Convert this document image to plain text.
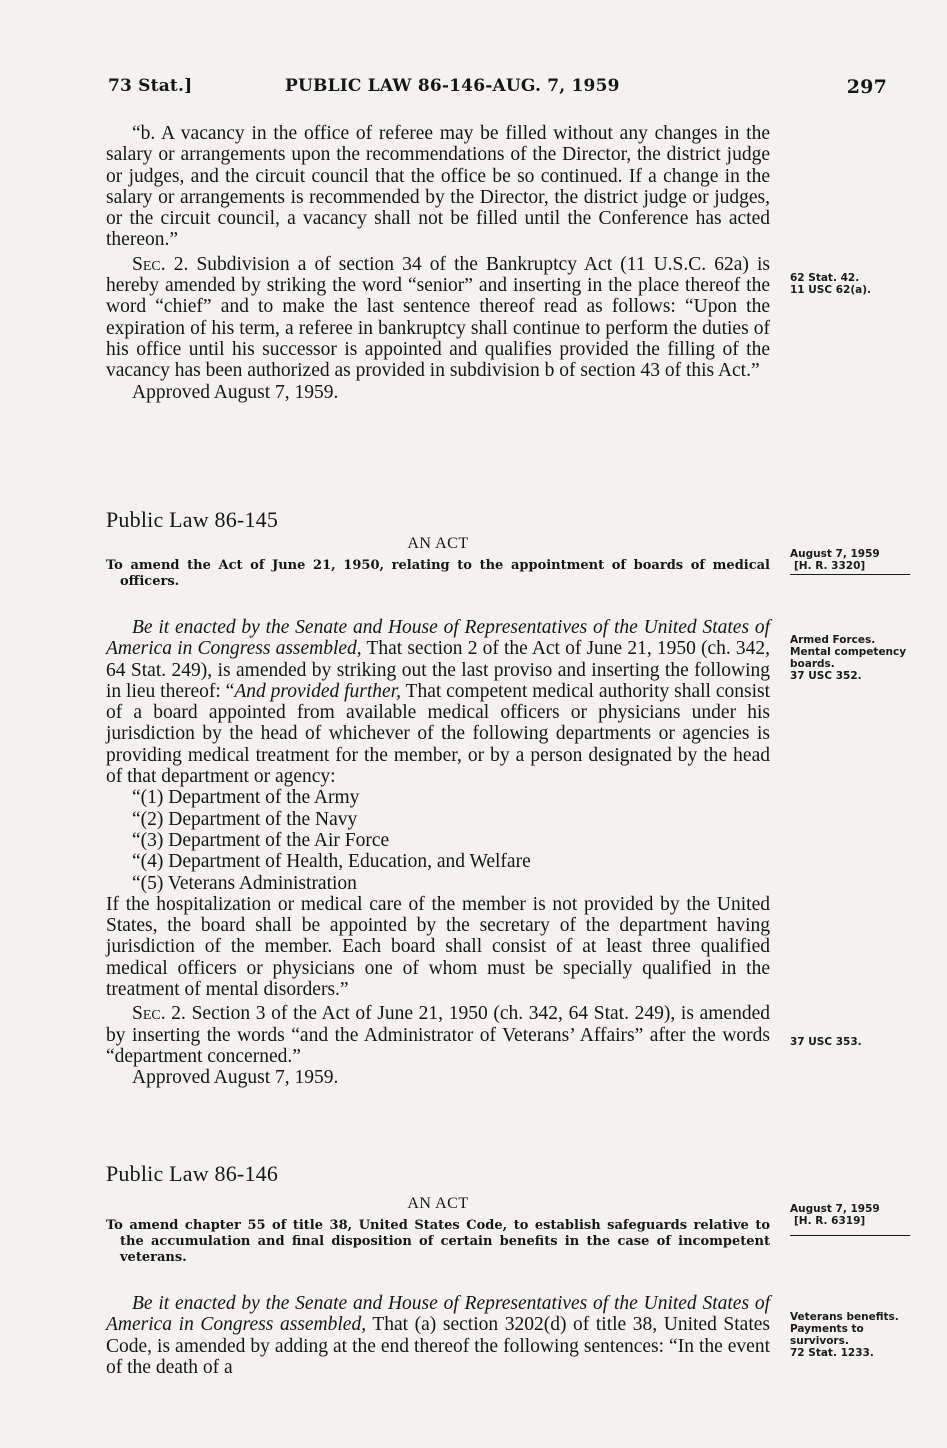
73 Stat.]	PUBLIC LAW 86-146-AUG. 7, 1959	297

“b. A vacancy in the office of referee may be filled without any changes in the salary or arrangements upon the recommendations of the Director, the district judge or judges, and the circuit council that the office be so continued. If a change in the salary or arrangements is recommended by the Director, the district judge or judges, or the circuit council, a vacancy shall not be filled until the Conference has acted thereon.”

Sec. 2. Subdivision a of section 34 of the Bankruptcy Act (11 U.S.C. 62a) is hereby amended by striking the word “senior” and inserting in the place thereof the word “chief” and to make the last sentence thereof read as follows: “Upon the expiration of his term, a referee in bankruptcy shall continue to perform the duties of his office until his successor is appointed and qualifies provided the filling of the vacancy has been authorized as provided in subdivision b of section 43 of this Act.”

Approved August 7, 1959.

62 Stat. 42.
11 USC 62(a).
Public Law 86-145
AN ACT
To amend the Act of June 21, 1950, relating to the appointment of boards of medical officers.
August 7, 1959
[H. R. 3320]

Be it enacted by the Senate and House of Representatives of the United States of America in Congress assembled, That section 2 of the Act of June 21, 1950 (ch. 342, 64 Stat. 249), is amended by striking out the last proviso and inserting the following in lieu thereof: “And provided further, That competent medical authority shall consist of a board appointed from available medical officers or physicians under his jurisdiction by the head of whichever of the following departments or agencies is providing medical treatment for the member, or by a person designated by the head of that department or agency:

“(1) Department of the Army

“(2) Department of the Navy

“(3) Department of the Air Force

“(4) Department of Health, Education, and Welfare

“(5) Veterans Administration

If the hospitalization or medical care of the member is not provided by the United States, the board shall be appointed by the secretary of the department having jurisdiction of the member. Each board shall consist of at least three qualified medical officers or physicians one of whom must be specially qualified in the treatment of mental disorders.”

Sec. 2. Section 3 of the Act of June 21, 1950 (ch. 342, 64 Stat. 249), is amended by inserting the words “and the Administrator of Veterans’ Affairs” after the words “department concerned.”

Approved August 7, 1959.

Armed Forces.
Mental competency boards.
37 USC 352.
37 USC 353.
Public Law 86-146
AN ACT
To amend chapter 55 of title 38, United States Code, to establish safeguards relative to the accumulation and final disposition of certain benefits in the case of incompetent veterans.
August 7, 1959
[H. R. 6319]

Be it enacted by the Senate and House of Representatives of the United States of America in Congress assembled, That (a) section 3202(d) of title 38, United States Code, is amended by adding at the end thereof the following sentences: “In the event of the death of a

Veterans benefits.
Payments to survivors.
72 Stat. 1233.
